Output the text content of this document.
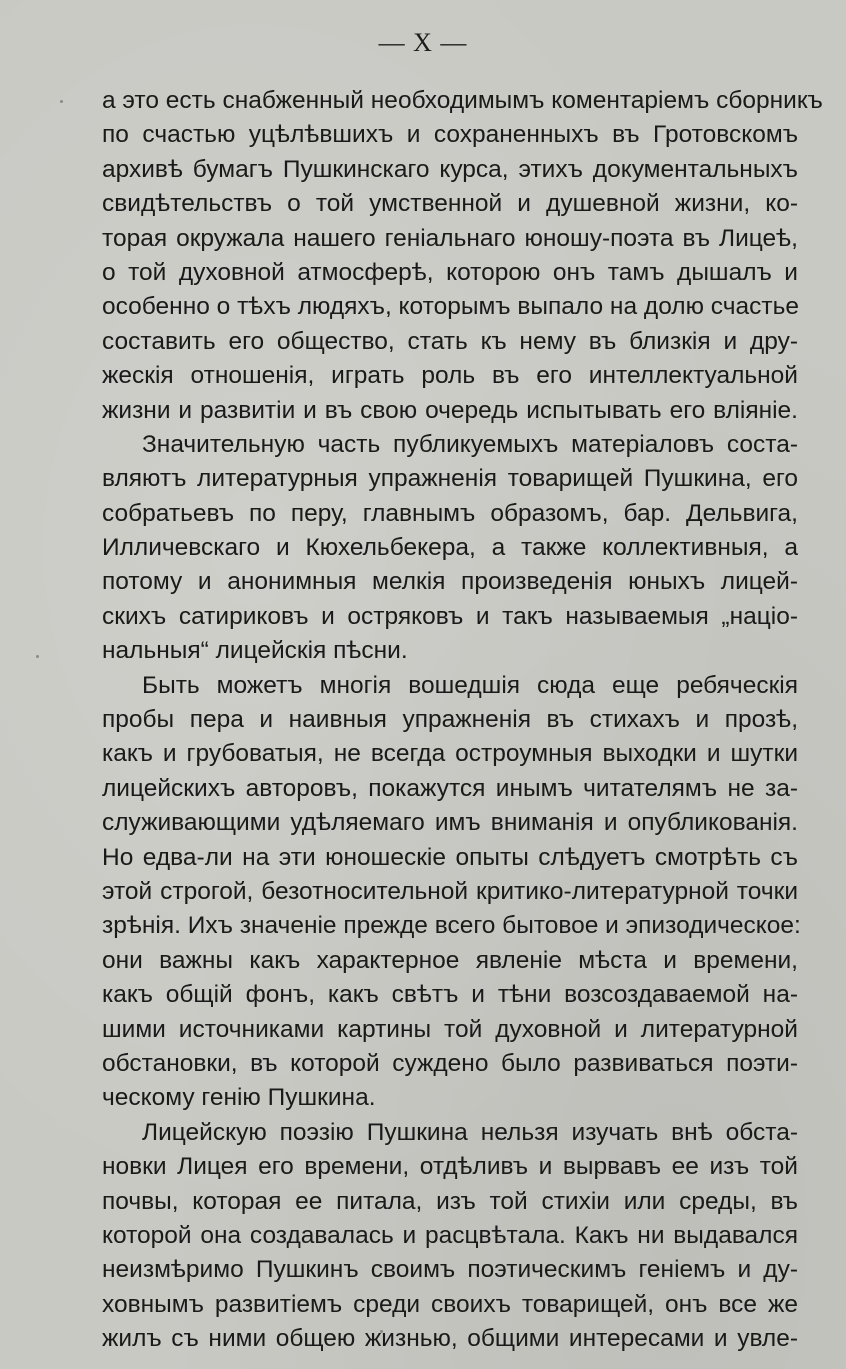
— X —

а это есть снабженный необходимымъ коментаріемъ сборникъ
по счастью уцѣлѣвшихъ и сохраненныхъ въ Гротовскомъ
архивѣ бумагъ Пушкинскаго курса, этихъ документальныхъ
свидѣтельствъ о той умственной и душевной жизни, ко-
торая окружала нашего геніальнаго юношу-поэта въ Лицеѣ,
о той духовной атмосферѣ, которою онъ тамъ дышалъ и
особенно о тѣхъ людяхъ, которымъ выпало на долю счастье
составить его общество, стать къ нему въ близкія и дру-
жескія отношенія, играть роль въ его интеллектуальной
жизни и развитіи и въ свою очередь испытывать его вліяніе.

Значительную часть публикуемыхъ матеріаловъ соста-
вляютъ литературныя упражненія товарищей Пушкина, его
собратьевъ по перу, главнымъ образомъ, бар. Дельвига,
Илличевскаго и Кюхельбекера, а также коллективныя, а
потому и анонимныя мелкія произведенія юныхъ лицей-
скихъ сатириковъ и остряковъ и такъ называемыя „націо-
нальныя“ лицейскія пѣсни.

Быть можетъ многія вошедшія сюда еще ребяческія
пробы пера и наивныя упражненія въ стихахъ и прозѣ,
какъ и грубоватыя, не всегда остроумныя выходки и шутки
лицейскихъ авторовъ, покажутся инымъ читателямъ не за-
служивающими удѣляемаго имъ вниманія и опубликованія.
Но едва-ли на эти юношескіе опыты слѣдуетъ смотрѣть съ
этой строгой, безотносительной критико-литературной точки
зрѣнія. Ихъ значеніе прежде всего бытовое и эпизодическое:
они важны какъ характерное явленіе мѣста и времени,
какъ общій фонъ, какъ свѣтъ и тѣни возсоздаваемой на-
шими источниками картины той духовной и литературной
обстановки, въ которой суждено было развиваться поэти-
ческому генію Пушкина.

Лицейскую поэзію Пушкина нельзя изучать внѣ обста-
новки Лицея его времени, отдѣливъ и вырвавъ ее изъ той
почвы, которая ее питала, изъ той стихіи или среды, въ
которой она создавалась и расцвѣтала. Какъ ни выдавался
неизмѣримо Пушкинъ своимъ поэтическимъ геніемъ и ду-
ховнымъ развитіемъ среди своихъ товарищей, онъ все же
жилъ съ ними общею жизнью, общими интересами и увле-
